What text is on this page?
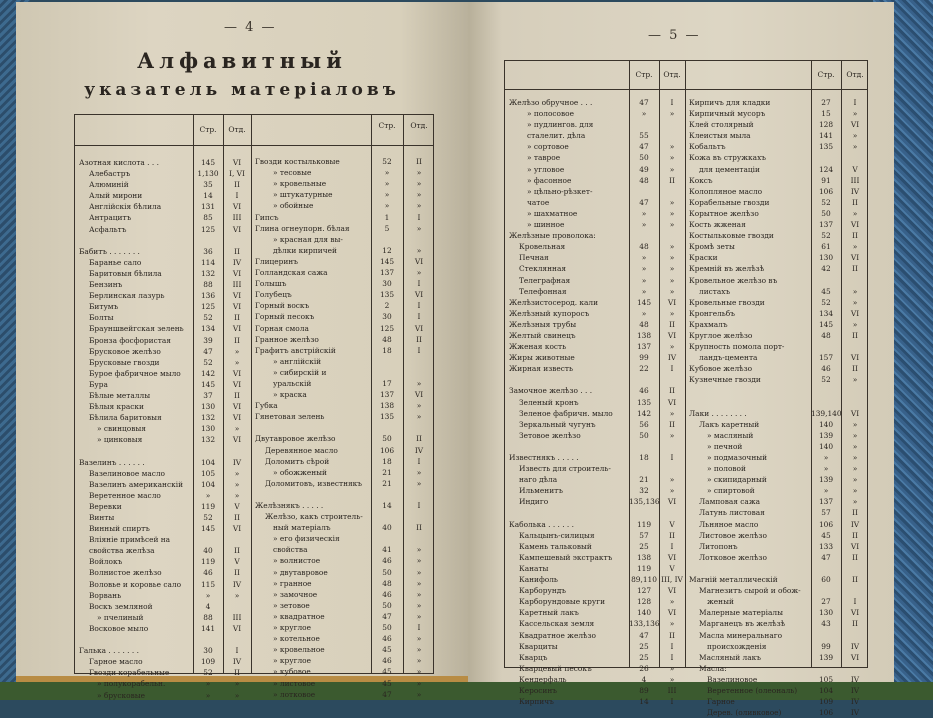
— 4 —
Алфавитный
указатель матеріаловъ
Стр.	Отд.	Стр.	Отд.
Азотная кислота . . .	145	VI
Алебастръ	1,130	I, VI
Алюминій	35	II
Алый мирони	14	I
Англійскія бѣлила	131	VI
Антрацитъ	85	III
Асфальтъ	125	VI
Бабитъ . . . . . . .	36	II
Бараньe сало	114	IV
Баритовыя бѣлила	132	VI
Бензинъ	88	III
Берлинская лазурь	136	VI
Битумъ	125	VI
Болты	52	II
Брауншвейгская зелень	134	VI
Бронза фосфористая	39	II
Брусковое желѣзо	47	»
Брусковые гвозди	52	»
Бурое фабричное мыло	142	VI
Бура	145	VI
Бѣлые металлы	37	II
Бѣлыя краски	130	VI
Бѣлила баритовыя	132	VI
» свинцовыя	130	»
» цинковыя	132	VI
Вазелинъ . . . . . .	104	IV
Вазелиновое масло	105	»
Вазелинъ американскій	104	»
Веретенное масло	»	»
Веревки	119	V
Винты	52	II
Винный спиртъ	145	VI
Вліяніе примѣсей на
свойства желѣза	40	II
Войлокъ	119	V
Волнистое желѣзо	46	II
Воловье и коровье сало	115	IV
Ворвань	»	»
Воскъ земляной	4
» пчелиный	88	III
Восковое мыло	141	VI
Галька . . . . . . .	30	I
Гарное масло	109	IV
Гвозди корабельные	52	II
» полукорабельн.	»	»
» брусковые	»	»
Гвозди костыльковые	52	II
» тесовые	»	»
» кровельные	»	»
» штукатурные	»	»
» обойные	»	»
Гипсъ	1	I
Глина огнеупорн. бѣлая	5	»
» красная для вы-
дѣлки кирпичей	12	»
Глицеринъ	145	VI
Голландская сажа	137	»
Голышъ	30	I
Голубецъ	135	VI
Горный воскъ	2	I
Горный песокъ	30	I
Горная смола	125	VI
Гранное желѣзо	48	II
Графитъ австрійскій	18	I
» англійскій
» сибирскій и
уральскій	17	»
» краска	137	VI
Губка	138	»
Гянетовая зелень	135	»
Двутавровое желѣзо	50	II
Деревянное масло	106	IV
Доломитъ сѣрой	18	I
» обожженый	21	»
Доломитовъ, известнякъ	21	»
Желѣзнякъ . . . . .	14	I
Желѣзо, какъ строитель-
ный матеріалъ	40	II
» его физическія
свойства	41	»
» волнистое	46	»
» двутавровое	50	»
» гранное	48	»
» замочное	46	»
» зетовое	50	»
» квадратное	47	»
» круглое	50	I
» котельное	46	»
» кровельное	45	»
» круглое	46	»
» кубовое	45	»
» листовое	45	»
» лотковое	47	»
— 5 —
Стр.	Отд.	Стр.	Отд.
Желѣзо обручное . . .	47	I
» полосовое	»	»
» пудлингов. для
сталелит. дѣла	55
» сортовое	47	»
» таврое	50	»
» угловое	49	»
» фасонное	48	II
» цѣльно-рѣзкет-
чатое	47	»
» шахматное	»	»
» шинное	»	»
Желѣзные проволока:
Кровельная	48	»
Печная	»	»
Стеклянная	»	»
Телеграфная	»	»
Телефонная	»	»
Желѣзистосерод. кали	145	VI
Желѣзный купоросъ	»	»
Желѣзныя трубы	48	II
Желтый свинецъ	138	VI
Жженая кость	137	»
Жиры животные	99	IV
Жирная известь	22	I
Замочное желѣзо . . .	46	II
Зеленый кронъ	135	VI
Зеленое фабричн. мыло	142	»
Зеркальный чугунъ	56	II
Зетовое желѣзо	50	»
Известнякъ . . . . .	18	I
Известь для строитель-
наго дѣла	21	»
Ильменитъ	32	»
Индиго	135,136	VI
Каболька . . . . . .	119	V
Кальцынъ-силицыя	57	II
Камень тальковый	25	I
Кампешевый экстрактъ	138	VI
Канаты	119	V
Канифоль	89,110 III, IV
Карборундъ	127	VI
Карборундовые круги	128	»
Каретный лакъ	140	VI
Кассельская земля	133,136	»
Квадратное желѣзо	47	II
Кварциты	25	I
Кварцъ	25	I
Кварцевый песокъ	26	»
Кендерфаль	4	»
Керосинъ	89	III
Кирпичъ	14	I
Кирпичъ для кладки	27	I
Кирпичный мусоръ	15	»
Клей столярный	128	VI
Клеистыя мыла	141	»
Кобальтъ	135	»
Кожа въ стружкахъ
для цементаціи	124	V
Коксъ	91	III
Колопляное масло	106	IV
Корабельные гвозди	52	II
Корытное желѣзо	50	»
Кость жженая	137	VI
Костыльковые гвозди	52	II
Кромѣ зеты	61	»
Краски	130	VI
Кремній въ желѣзѣ	42	II
Кровельное желѣзо въ
листахъ	45	»
Кровельные гвозди	52	»
Кронгельбъ	134	VI
Крахмалъ	145	»
Круглое желѣзо	48	II
Крупность помола порт-
ландъ-цемента	157	VI
Кубовое желѣзо	46	II
Кузнечные гвозди	52	»
Лаки . . . . . . . .	139,140	VI
Лакъ каретный	140	»
» масляный	139	»
» печной	140	»
» подмазочный	»	»
» половой	»	»
» скипидарный	139	»
» спиртовой	»	»
Ламповая сажа	137	»
Латунь листовая	57	II
Льняное масло	106	IV
Листовое желѣзо	45	II
Литопонъ	133	VI
Лотковое желѣзо	47	II
Магній металлическій	60	II
Магнезитъ сырой и обож-
женый	27	I
Малерные матеріалы	130	VI
Марганецъ въ желѣзѣ	43	II
Масла минеральнаго
происхожденія	99	IV
Масляный лакъ	139	VI
Масла:
Вазелиновое	105	IV
Веретенное (олеональ)	104	IV
Гарное	109	IV
Дерев. (оливковое)	106	IV
